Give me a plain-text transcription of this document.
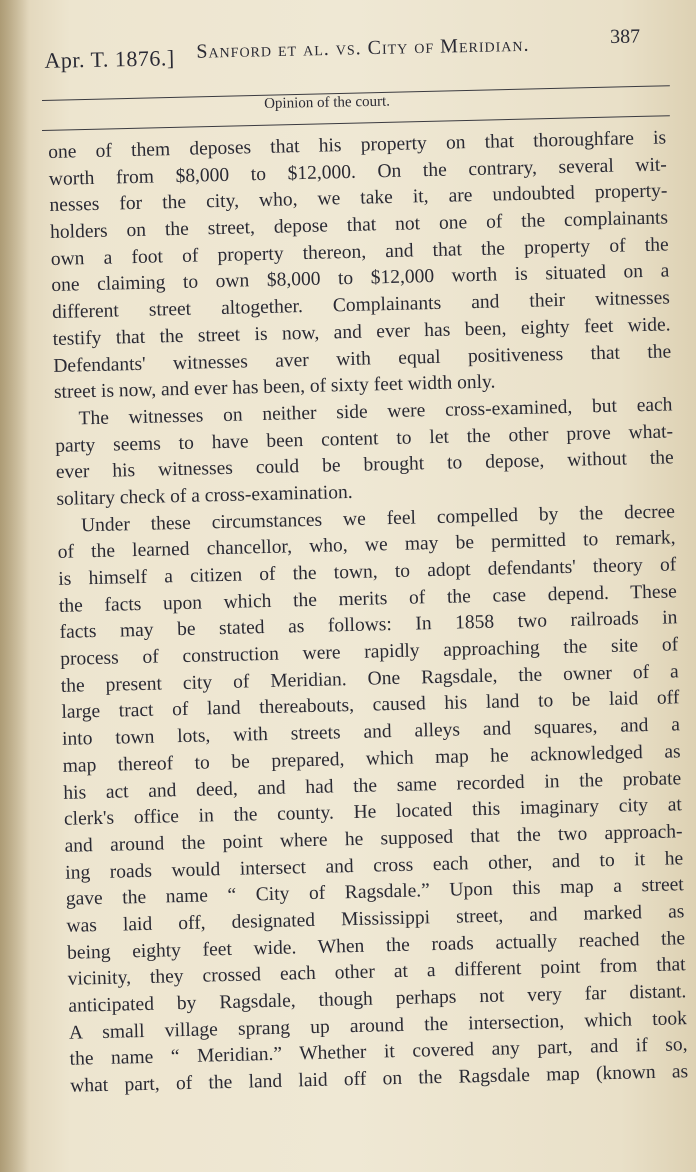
Apr. T. 1876.] Sanford et al. vs. City of Meridian.	387
Opinion of the court.
one of them deposes that his property on that thoroughfare is
worth from $8,000 to $12,000. On the contrary, several wit-
nesses for the city, who, we take it, are undoubted property-
holders on the street, depose that not one of the complainants
own a foot of property thereon, and that the property of the
one claiming to own $8,000 to $12,000 worth is situated on a
different street altogether. Complainants and their witnesses
testify that the street is now, and ever has been, eighty feet wide.
Defendants' witnesses aver with equal positiveness that the
street is now, and ever has been, of sixty feet width only.
The witnesses on neither side were cross-examined, but each
party seems to have been content to let the other prove what-
ever his witnesses could be brought to depose, without the
solitary check of a cross-examination.
Under these circumstances we feel compelled by the decree
of the learned chancellor, who, we may be permitted to remark,
is himself a citizen of the town, to adopt defendants' theory of
the facts upon which the merits of the case depend. These
facts may be stated as follows: In 1858 two railroads in
process of construction were rapidly approaching the site of
the present city of Meridian. One Ragsdale, the owner of a
large tract of land thereabouts, caused his land to be laid off
into town lots, with streets and alleys and squares, and a
map thereof to be prepared, which map he acknowledged as
his act and deed, and had the same recorded in the probate
clerk's office in the county. He located this imaginary city at
and around the point where he supposed that the two approach-
ing roads would intersect and cross each other, and to it he
gave the name “ City of Ragsdale.” Upon this map a street
was laid off, designated Mississippi street, and marked as
being eighty feet wide. When the roads actually reached the
vicinity, they crossed each other at a different point from that
anticipated by Ragsdale, though perhaps not very far distant.
A small village sprang up around the intersection, which took
the name “ Meridian.” Whether it covered any part, and if so,
what part, of the land laid off on the Ragsdale map (known as
